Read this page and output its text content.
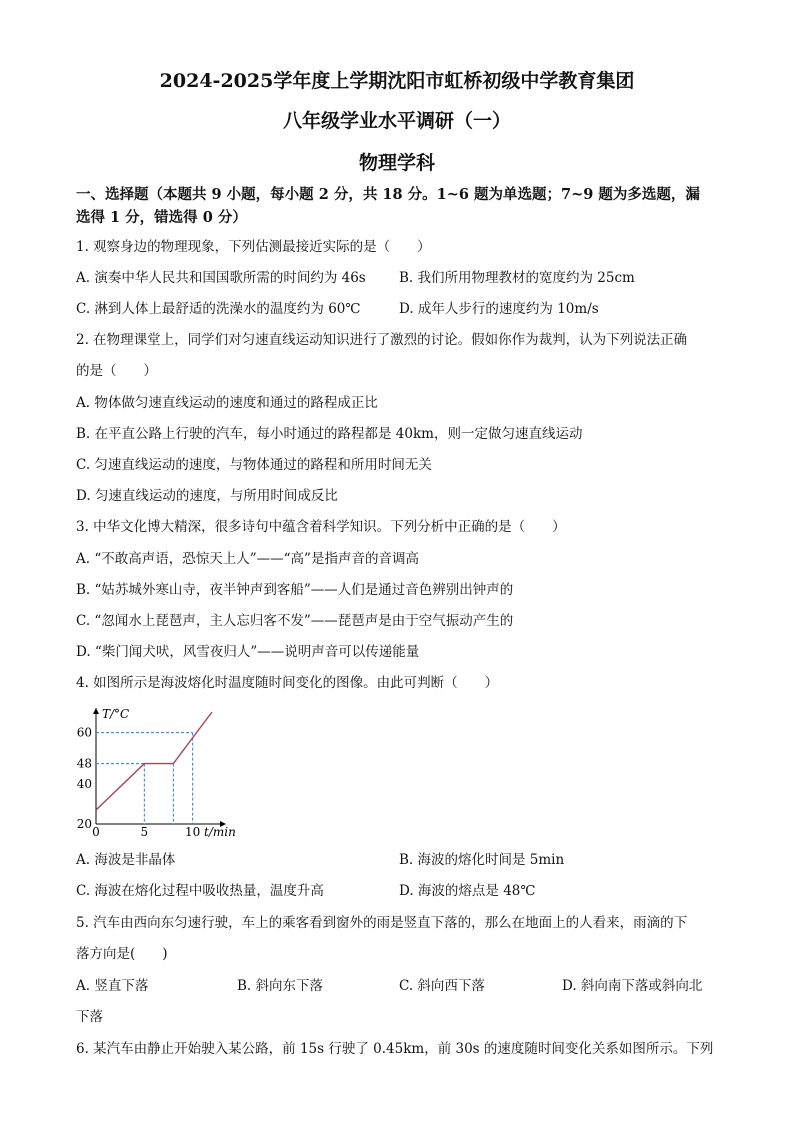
2024-2025学年度上学期沈阳市虹桥初级中学教育集团
八年级学业水平调研（一）
物理学科
一、选择题（本题共 9 小题，每小题 2 分，共 18 分。1~6 题为单选题；7~9 题为多选题，漏
选得 1 分，错选得 0 分）
1. 观察身边的物理现象，下列估测最接近实际的是（　　）
A. 演奏中华人民共和国国歌所需的时间约为 46s B. 我们所用物理教材的宽度约为 25cm
C. 淋到人体上最舒适的洗澡水的温度约为 60℃	D. 成年人步行的速度约为 10m/s
2. 在物理课堂上，同学们对匀速直线运动知识进行了激烈的讨论。假如你作为裁判，认为下列说法正确
的是（　　）
A. 物体做匀速直线运动的速度和通过的路程成正比
B. 在平直公路上行驶的汽车，每小时通过的路程都是 40km，则一定做匀速直线运动
C. 匀速直线运动的速度，与物体通过的路程和所用时间无关
D. 匀速直线运动的速度，与所用时间成反比
3. 中华文化博大精深，很多诗句中蕴含着科学知识。下列分析中正确的是（　　）
A. “不敢高声语，恐惊天上人”——“高”是指声音的音调高
B. “姑苏城外寒山寺，夜半钟声到客船”——人们是通过音色辨别出钟声的
C. “忽闻水上琵琶声，主人忘归客不发”——琵琶声是由于空气振动产生的
D. “柴门闻犬吠，风雪夜归人”——说明声音可以传递能量
4. 如图所示是海波熔化时温度随时间变化的图像。由此可判断（　　）
T/°C
t/min
20
40
48
60
0	5	10
A. 海波是非晶体	B. 海波的熔化时间是 5min
C. 海波在熔化过程中吸收热量，温度升高	D. 海波的熔点是 48℃
5. 汽车由西向东匀速行驶，车上的乘客看到窗外的雨是竖直下落的，那么在地面上的人看来，雨滴的下
落方向是(　　)
A. 竖直下落	B. 斜向东下落	C. 斜向西下落	D. 斜向南下落或斜向北
下落
6. 某汽车由静止开始驶入某公路，前 15s 行驶了 0.45km，前 30s 的速度随时间变化关系如图所示。下列
